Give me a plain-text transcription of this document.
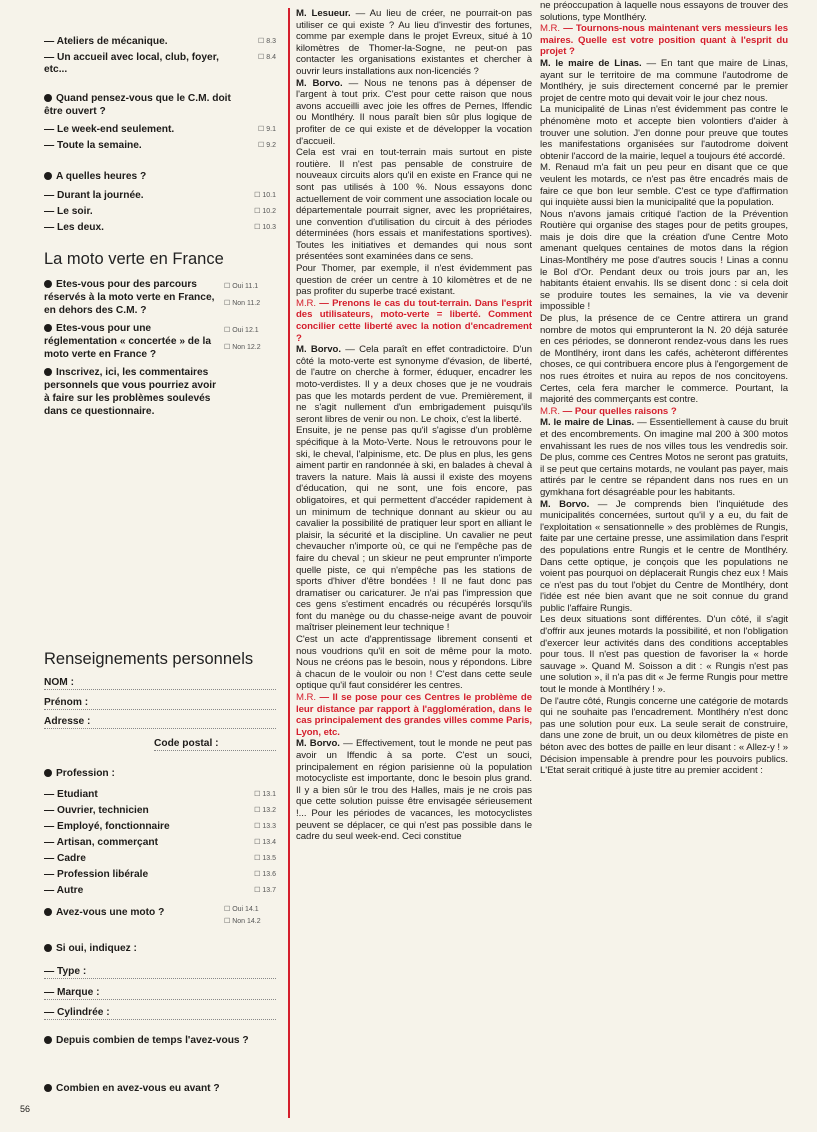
— Ateliers de mécanique.	☐ 8.3
— Un accueil avec local, club, foyer, etc...
☐ 8.4
Quand pensez-vous que le C.M. doit être ouvert ?
— Le week-end seulement.	☐ 9.1
— Toute la semaine.	☐ 9.2
A quelles heures ?
— Durant la journée.	☐ 10.1
— Le soir.	☐ 10.2
— Les deux.	☐ 10.3
La moto verte en France
Etes-vous pour des parcours réservés à la moto verte en France, en dehors des C.M. ?
☐ Oui 11.1
☐ Non 11.2
Etes-vous pour une réglementation « concertée » de la moto verte en France ?
☐ Oui 12.1
☐ Non 12.2
Inscrivez, ici, les commentaires personnels que vous pourriez avoir à faire sur les problèmes soulevés dans ce questionnaire.
Renseignements personnels
NOM :
Prénom :
Adresse :
Code postal :
Profession :
— Etudiant	☐ 13.1
— Ouvrier, technicien	☐ 13.2
— Employé, fonctionnaire	☐ 13.3
— Artisan, commerçant	☐ 13.4
— Cadre	☐ 13.5
— Profession libérale	☐ 13.6
— Autre	☐ 13.7
Avez-vous une moto ?	☐ Oui 14.1
☐ Non 14.2
Si oui, indiquez :
— Type :
— Marque :
— Cylindrée :
Depuis combien de temps l'avez-vous ?
Combien en avez-vous eu avant ?

M. Lesueur. — Au lieu de créer, ne pourrait-on pas utiliser ce qui existe ? Au lieu d'investir des fortunes, comme par exemple dans le projet Evreux, situé à 10 kilomètres de Thomer-la-Sogne, ne peut-on pas contacter les organisations existantes et chercher à ouvrir leurs installations aux non-licenciés ?

M. Borvo. — Nous ne tenons pas à dépenser de l'argent à tout prix. C'est pour cette raison que nous avons accueilli avec joie les offres de Pernes, Iffendic ou Montlhéry. Il nous paraît bien sûr plus logique de profiter de ce qui existe et de développer la vocation d'accueil.

Cela est vrai en tout-terrain mais surtout en piste routière. Il n'est pas pensable de construire de nouveaux circuits alors qu'il en existe en France qui ne sont pas utilisés à 100 %. Nous essayons donc actuellement de voir comment une association locale ou départementale pourrait signer, avec les propriétaires, une convention d'utilisation du circuit à des périodes déterminées (hors essais et manifestations sportives). Toutes les initiatives et demandes qui nous sont présentées sont examinées dans ce sens.

Pour Thomer, par exemple, il n'est évidemment pas question de créer un centre à 10 kilomètres et de ne pas profiter du superbe tracé existant.

M.R. — Prenons le cas du tout-terrain. Dans l'esprit des utilisateurs, moto-verte = liberté. Comment concilier cette liberté avec la notion d'encadrement ?

M. Borvo. — Cela paraît en effet contradictoire. D'un côté la moto-verte est synonyme d'évasion, de liberté, de l'autre on cherche à former, éduquer, encadrer les moto-verdistes. Il y a deux choses que je ne voudrais pas que les motards perdent de vue. Premièrement, il ne s'agit nullement d'un embrigadement puisqu'ils seront libres de venir ou non. Le choix, c'est la liberté.

Ensuite, je ne pense pas qu'il s'agisse d'un problème spécifique à la Moto-Verte. Nous le retrouvons pour le ski, le cheval, l'alpinisme, etc. De plus en plus, les gens aiment partir en randonnée à ski, en balades à cheval à travers la nature. Mais là aussi il existe des moyens d'éducation, qui ne sont, une fois encore, pas obligatoires, et qui permettent d'accéder rapidement à un minimum de technique donnant au skieur ou au cavalier la possibilité de pratiquer leur sport en alliant le plaisir, la sécurité et la discipline. Un cavalier ne peut chevaucher n'importe où, ce qui ne l'empêche pas de faire du cheval ; un skieur ne peut emprunter n'importe quelle piste, ce qui n'empêche pas les stations de sports d'hiver d'être bondées ! Il ne faut donc pas dramatiser ou caricaturer. Je n'ai pas l'impression que ces gens s'estiment encadrés ou récupérés lorsqu'ils font du manège ou du chasse-neige avant de pouvoir maîtriser pleinement leur technique !

C'est un acte d'apprentissage librement consenti et nous voudrions qu'il en soit de même pour la moto. Nous ne créons pas le besoin, nous y répondons. Libre à chacun de le vouloir ou non ! C'est dans cette seule optique qu'il faut considérer les centres.

M.R. — Il se pose pour ces Centres le problème de leur distance par rapport à l'agglomération, dans le cas principalement des grandes villes comme Paris, Lyon, etc.

M. Borvo. — Effectivement, tout le monde ne peut pas avoir un Iffendic à sa porte. C'est un souci, principalement en région parisienne où la population motocycliste est importante, donc le besoin plus grand. Il y a bien sûr le trou des Halles, mais je ne crois pas que cette solution puisse être envisagée sérieusement !... Pour les périodes de vacances, les motocyclistes peuvent se déplacer, ce qui n'est pas possible dans le cadre du seul week-end. Ceci constitue

ne préoccupation à laquelle nous essayons de trouver des solutions, type Montlhéry.

M.R. — Tournons-nous maintenant vers messieurs les maires. Quelle est votre position quant à l'esprit du projet ?

M. le maire de Linas. — En tant que maire de Linas, ayant sur le territoire de ma commune l'autodrome de Montlhéry, je suis directement concerné par le premier projet de centre moto qui devait voir le jour chez nous.

La municipalité de Linas n'est évidemment pas contre le phénomène moto et accepte bien volontiers d'aider à trouver une solution. J'en donne pour preuve que toutes les manifestations organisées sur l'autodrome doivent obtenir l'accord de la mairie, lequel a toujours été accordé.

M. Renaud m'a fait un peu peur en disant que ce que veulent les motards, ce n'est pas être encadrés mais de faire ce que bon leur semble. C'est ce type d'affirmation qui inquiète aussi bien la municipalité que la population.

Nous n'avons jamais critiqué l'action de la Prévention Routière qui organise des stages pour de petits groupes, mais je dois dire que la création d'une Centre Moto amenant quelques centaines de motos dans la région Linas-Montlhéry me pose d'autres soucis ! Linas a connu le Bol d'Or. Pendant deux ou trois jours par an, les habitants étaient envahis. Ils se disent donc : si cela doit se produire toutes les semaines, la vie va devenir impossible !

De plus, la présence de ce Centre attirera un grand nombre de motos qui emprunteront la N. 20 déjà saturée en ces périodes, se donneront rendez-vous dans les rues de Montlhéry, iront dans les cafés, achèteront différentes choses, ce qui contribuera encore plus à l'engorgement de nos rues étroites et nuira au repos de nos concitoyens. Certes, cela fera marcher le commerce. Pourtant, la majorité des commerçants est contre.

M.R. — Pour quelles raisons ?

M. le maire de Linas. — Essentiellement à cause du bruit et des encombrements. On imagine mal 200 à 300 motos envahissant les rues de nos villes tous les vendredis soir. De plus, comme ces Centres Motos ne seront pas gratuits, il se peut que certains motards, ne voulant pas payer, mais attirés par le centre se répandent dans nos rues en un gymkhana fort désagréable pour les habitants.

M. Borvo. — Je comprends bien l'inquiétude des municipalités concernées, surtout qu'il y a eu, du fait de l'exploitation « sensationnelle » des problèmes de Rungis, faite par une certaine presse, une assimilation dans l'esprit des populations entre Rungis et le centre de Montlhéry. Dans cette optique, je conçois que les populations ne voient pas pourquoi on déplacerait Rungis chez eux ! Mais ce n'est pas du tout l'objet du Centre de Montlhéry, dont l'idée est née bien avant que ne soit connue du grand public l'affaire Rungis.

Les deux situations sont différentes. D'un côté, il s'agit d'offrir aux jeunes motards la possibilité, et non l'obligation d'exercer leur activités dans des conditions acceptables pour tous. Il n'est pas question de favoriser la « horde sauvage ». Quand M. Soisson a dit : « Rungis n'est pas une solution », il n'a pas dit « Je ferme Rungis pour mettre tout le monde à Montlhéry ! ».

De l'autre côté, Rungis concerne une catégorie de motards qui ne souhaite pas l'encadrement. Montlhéry n'est donc pas une solution pour eux. La seule serait de construire, dans une zone de bruit, un ou deux kilomètres de piste en béton avec des bottes de paille en leur disant : « Allez-y ! » Décision impensable à prendre pour les pouvoirs publics. L'Etat serait critiqué à juste titre au premier accident :

56
